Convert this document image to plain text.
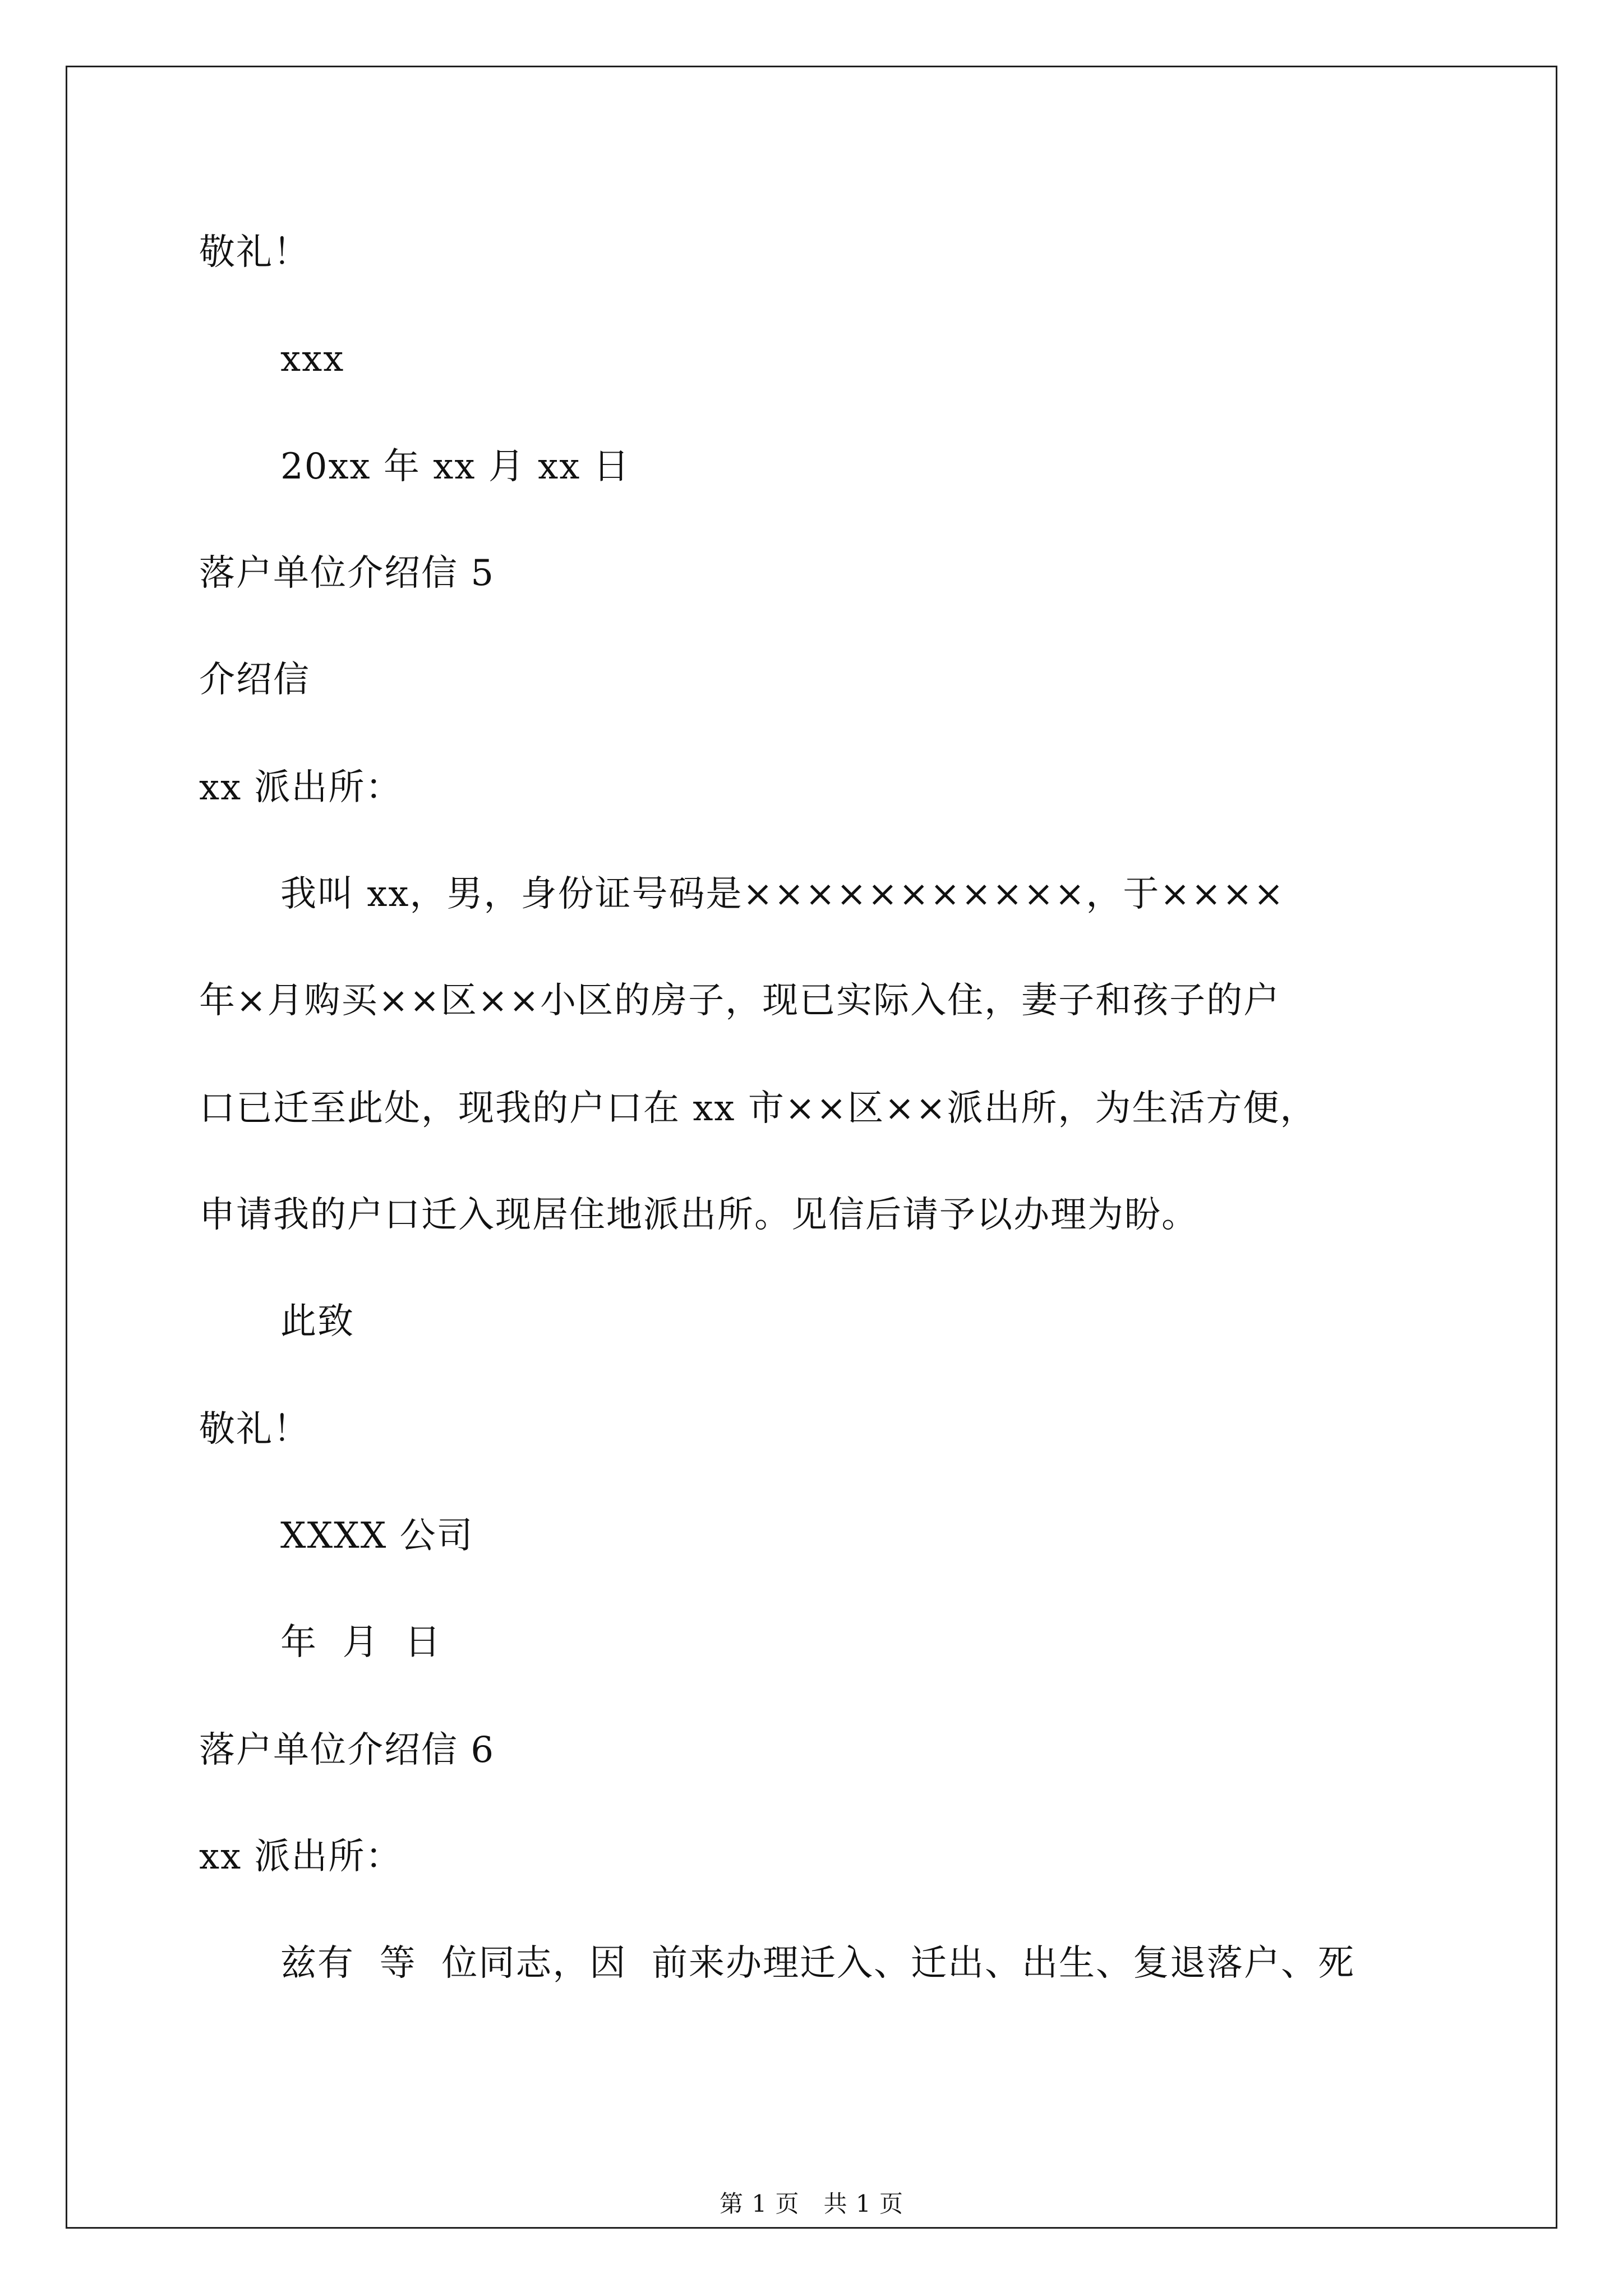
敬礼！
xxx
20xx 年 xx 月 xx 日
落户单位介绍信 5
介绍信
xx 派出所：
我叫 xx，男，身份证号码是×××××××××××，于××××
年×月购买××区××小区的房子，现已实际入住，妻子和孩子的户
口已迁至此处，现我的户口在 xx 市××区××派出所，为生活方便，
申请我的户口迁入现居住地派出所。见信后请予以办理为盼。
此致
敬礼！
XXXX 公司
年  月  日
落户单位介绍信 6
xx 派出所：
兹有  等  位同志，因  前来办理迁入、迁出、出生、复退落户、死
第 1 页   共 1 页
